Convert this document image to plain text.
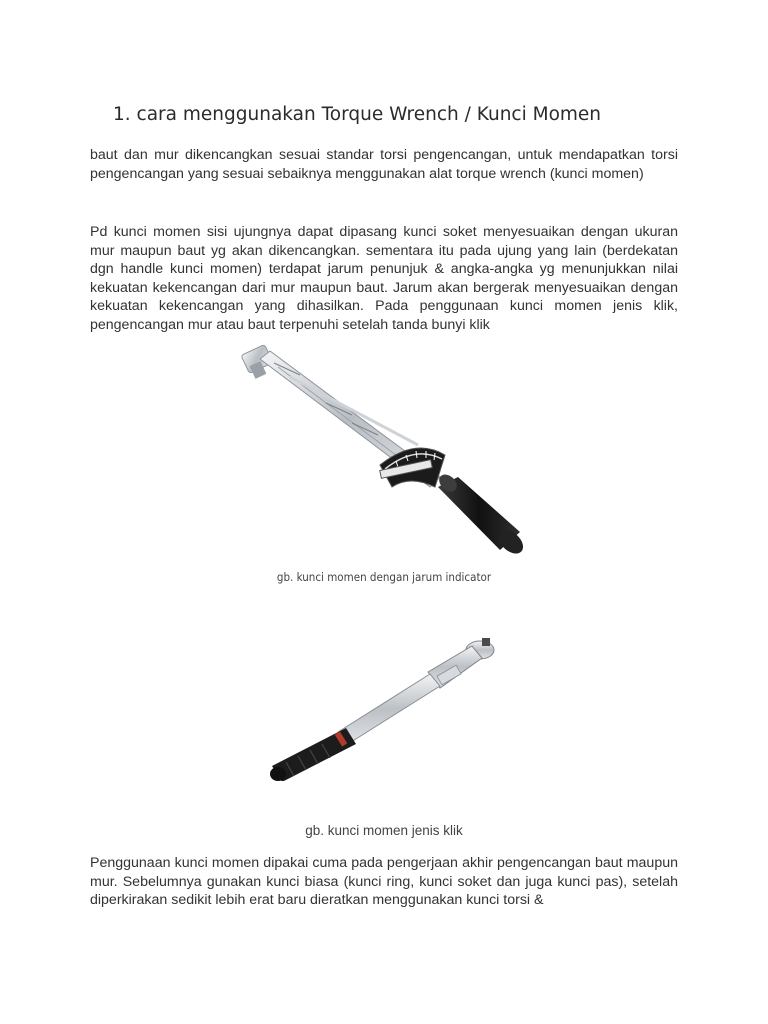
1. cara menggunakan Torque Wrench / Kunci Momen

baut dan mur dikencangkan sesuai standar torsi pengencangan, untuk mendapatkan torsi pengencangan yang sesuai sebaiknya menggunakan alat torque wrench (kunci momen)

Pd kunci momen sisi ujungnya dapat dipasang kunci soket menyesuaikan dengan ukuran mur maupun baut yg akan dikencangkan. sementara itu pada ujung yang lain (berdekatan dgn handle kunci momen) terdapat jarum penunjuk & angka-angka yg menunjukkan nilai kekuatan kekencangan dari mur maupun baut. Jarum akan bergerak menyesuaikan dengan kekuatan kekencangan yang dihasilkan. Pada penggunaan kunci momen jenis klik, pengencangan mur atau baut terpenuhi setelah tanda bunyi klik

gb. kunci momen dengan jarum indicator
gb. kunci momen jenis klik

Penggunaan kunci momen dipakai cuma pada pengerjaan akhir pengencangan baut maupun mur. Sebelumnya gunakan kunci biasa (kunci ring, kunci soket dan juga kunci pas), setelah diperkirakan sedikit lebih erat baru dieratkan menggunakan kunci torsi &
